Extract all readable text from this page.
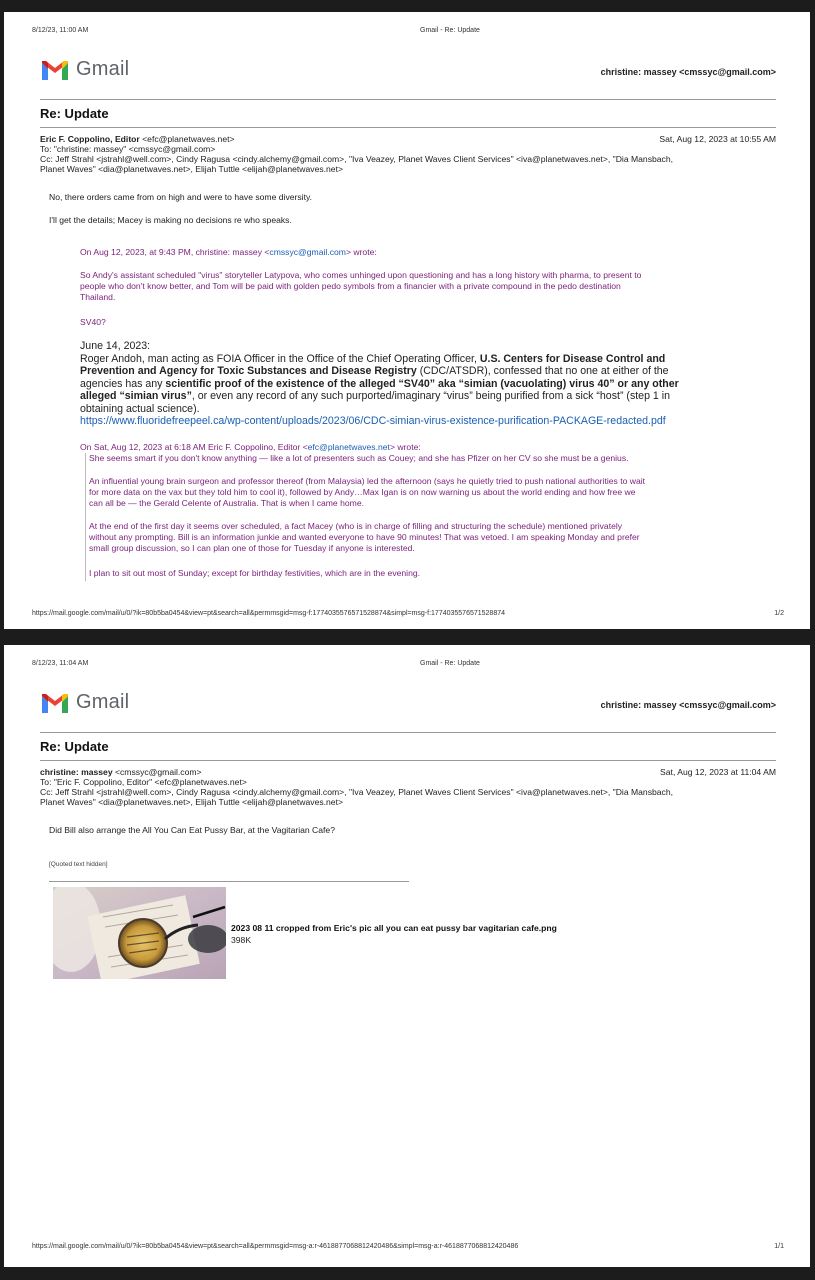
8/12/23, 11:00 AM	Gmail - Re: Update
Gmail	christine: massey <cmssyc@gmail.com>
Re: Update
Eric F. Coppolino, Editor <efc@planetwaves.net>
To: "christine: massey" <cmssyc@gmail.com>
Cc: Jeff Strahl <jstrahl@well.com>, Cindy Ragusa <cindy.alchemy@gmail.com>, "Iva Veazey, Planet Waves Client Services" <iva@planetwaves.net>, "Dia Mansbach,
Planet Waves" <dia@planetwaves.net>, Elijah Tuttle <elijah@planetwaves.net>
Sat, Aug 12, 2023 at 10:55 AM
No, there orders came from on high and were to have some diversity.
I'll get the details; Macey is making no decisions re who speaks.
On Aug 12, 2023, at 9:43 PM, christine: massey <cmssyc@gmail.com> wrote:
So Andy's assistant scheduled "virus" storyteller Latypova, who comes unhinged upon questioning and has a long history with pharma, to present to
people who don't know better, and Tom will be paid with golden pedo symbols from a financier with a private compound in the pedo destination
Thailand.
SV40?
June 14, 2023:
Roger Andoh, man acting as FOIA Officer in the Office of the Chief Operating Officer, U.S. Centers for Disease Control and
Prevention and Agency for Toxic Substances and Disease Registry (CDC/ATSDR), confessed that no one at either of the
agencies has any scientific proof of the existence of the alleged “SV40” aka “simian (vacuolating) virus 40” or any other
alleged “simian virus”, or even any record of any such purported/imaginary “virus” being purified from a sick “host” (step 1 in
obtaining actual science).
https://www.fluoridefreepeel.ca/wp-content/uploads/2023/06/CDC-simian-virus-existence-purification-PACKAGE-redacted.pdf
On Sat, Aug 12, 2023 at 6:18 AM Eric F. Coppolino, Editor <efc@planetwaves.net> wrote:
She seems smart if you don't know anything — like a lot of presenters such as Couey; and she has Pfizer on her CV so she must be a genius.
An influential young brain surgeon and professor thereof (from Malaysia) led the afternoon (says he quietly tried to push national authorities to wait
for more data on the vax but they told him to cool it), followed by Andy…Max Igan is on now warning us about the world ending and how free we
can all be — the Gerald Celente of Australia. That is when I came home.
At the end of the first day it seems over scheduled, a fact Macey (who is in charge of filling and structuring the schedule) mentioned privately
without any prompting. Bill is an information junkie and wanted everyone to have 90 minutes! That was vetoed. I am speaking Monday and prefer
small group discussion, so I can plan one of those for Tuesday if anyone is interested.
I plan to sit out most of Sunday; except for birthday festivities, which are in the evening.
https://mail.google.com/mail/u/0/?ik=80b5ba0454&view=pt&search=all&permmsgid=msg-f:1774035576571528874&simpl=msg-f:1774035576571528874	1/2
8/12/23, 11:04 AM	Gmail - Re: Update
Gmail	christine: massey <cmssyc@gmail.com>
Re: Update
christine: massey <cmssyc@gmail.com>
To: "Eric F. Coppolino, Editor" <efc@planetwaves.net>
Cc: Jeff Strahl <jstrahl@well.com>, Cindy Ragusa <cindy.alchemy@gmail.com>, "Iva Veazey, Planet Waves Client Services" <iva@planetwaves.net>, "Dia Mansbach,
Planet Waves" <dia@planetwaves.net>, Elijah Tuttle <elijah@planetwaves.net>
Sat, Aug 12, 2023 at 11:04 AM
Did Bill also arrange the All You Can Eat Pussy Bar, at the Vagitarian Cafe?
[Quoted text hidden]
2023 08 11 cropped from Eric's pic all you can eat pussy bar vagitarian cafe.png
398K
https://mail.google.com/mail/u/0/?ik=80b5ba0454&view=pt&search=all&permmsgid=msg-a:r-4618877068812420486&simpl=msg-a:r-4618877068812420486	1/1
